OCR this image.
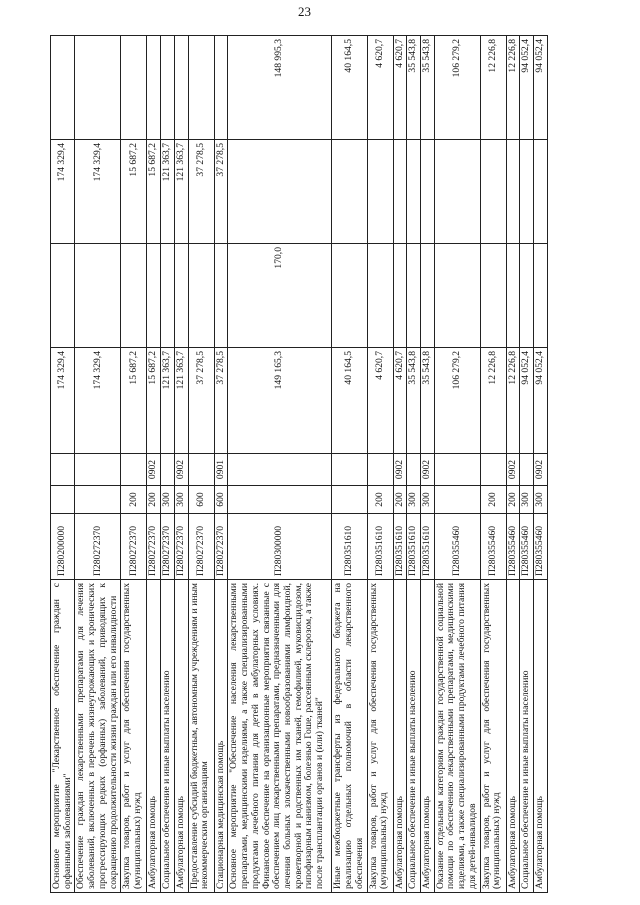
23
Основное мероприятие "Лекарственное обеспечение граждан с орфанными заболеваниями"	П280200000			174 329,4		174 329,4	
Обеспечение граждан лекарственными препаратами для лечения заболеваний, включенных в перечень жизнеугрожающих и хронических прогрессирующих редких (орфанных) заболеваний, приводящих к сокращению продолжительности жизни граждан или его инвалидности	П280272370			174 329,4		174 329,4	
Закупка товаров, работ и услуг для обеспечения государственных (муниципальных) нужд	П280272370	200		15 687,2		15 687,2	
Амбулаторная помощь	П280272370	200	0902	15 687,2		15 687,2	
Социальное обеспечение и иные выплаты населению	П280272370	300		121 363,7		121 363,7	
Амбулаторная помощь	П280272370	300	0902	121 363,7		121 363,7	
Предоставление субсидий бюджетным, автономным учреждениям и иным некоммерческим организациям	П280272370	600		37 278,5		37 278,5	
Стационарная медицинская помощь	П280272370	600	0901	37 278,5		37 278,5	
Основное мероприятие "Обеспечение населения лекарственными препаратами, медицинскими изделиями, а также специализированными продуктами лечебного питания для детей в амбулаторных условиях. Финансовое обеспечение на организационные мероприятия связанные с обеспечением лиц лекарственными препаратами, предназначенными для лечения больных злокачественными новообразованиями лимфоидной, кроветворной и родственных им тканей, гемофилией, муковисцидозом, гипофизарным нанизмом, болезнью Гоше, рассеянным склерозом, а также после трансплантации органов и (или) тканей"	П280300000			149 165,3	170,0		148 995,3
Иные межбюджетные трансферты из федерального бюджета на реализацию отдельных полномочий в области лекарственного обеспечения	П280351610			40 164,5			40 164,5
Закупка товаров, работ и услуг для обеспечения государственных (муниципальных) нужд	П280351610	200		4 620,7			4 620,7
Амбулаторная помощь	П280351610	200	0902	4 620,7			4 620,7
Социальное обеспечение и иные выплаты населению	П280351610	300		35 543,8			35 543,8
Амбулаторная помощь	П280351610	300	0902	35 543,8			35 543,8
Оказание отдельным категориям граждан государственной социальной помощи по обеспечению лекарственными препаратами, медицинскими изделиями, а также специализированными продуктами лечебного питания для детей-инвалидов	П280355460			106 279,2			106 279,2
Закупка товаров, работ и услуг для обеспечения государственных (муниципальных) нужд	П280355460	200		12 226,8			12 226,8
Амбулаторная помощь	П280355460	200	0902	12 226,8			12 226,8
Социальное обеспечение и иные выплаты населению	П280355460	300		94 052,4			94 052,4
Амбулаторная помощь	П280355460	300	0902	94 052,4			94 052,4
